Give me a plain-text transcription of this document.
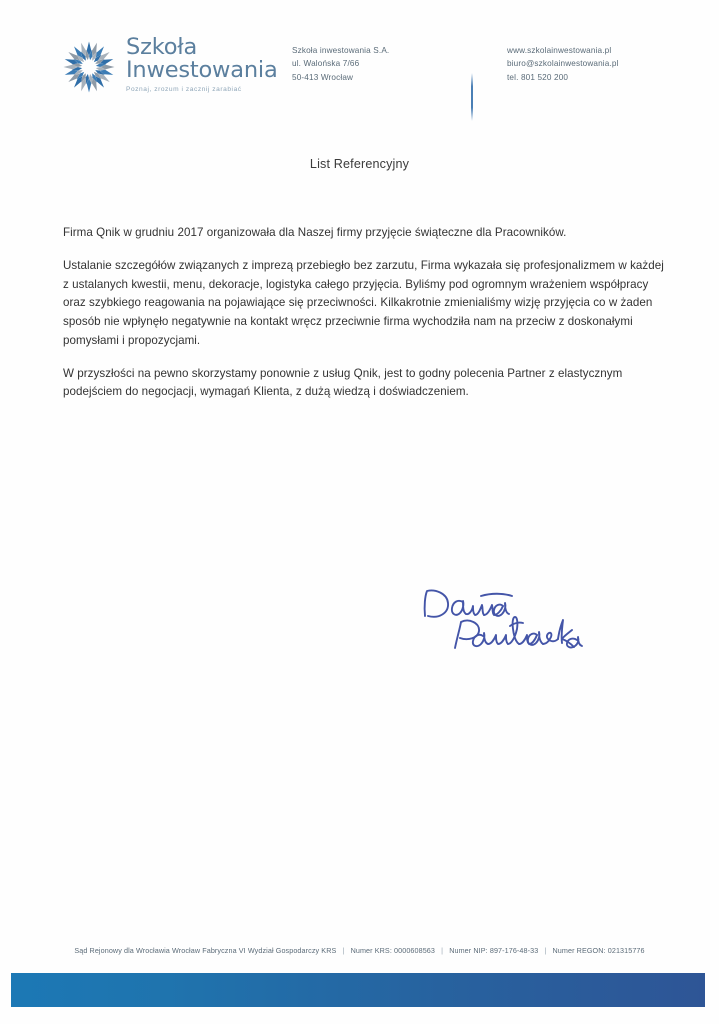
Szkoła
Inwestowania
Poznaj, zrozum i zacznij zarabiać
Szkoła inwestowania S.A.
ul. Walońska 7/66
50-413 Wrocław
www.szkolainwestowania.pl
biuro@szkolainwestowania.pl
tel. 801 520 200
List Referencyjny

Firma Qnik w grudniu 2017 organizowała dla Naszej firmy przyjęcie świąteczne dla Pracowników.

Ustalanie szczegółów związanych z imprezą przebiegło bez zarzutu, Firma wykazała się profesjonalizmem w każdej z ustalanych kwestii, menu, dekoracje, logistyka całego przyjęcia. Byliśmy pod ogromnym wrażeniem współpracy oraz szybkiego reagowania na pojawiające się przeciwności. Kilkakrotnie zmienialiśmy wizję przyjęcia co w żaden sposób nie wpłynęło negatywnie na kontakt wręcz przeciwnie firma wychodziła nam na przeciw z doskonałymi pomysłami i propozycjami.

W przyszłości na pewno skorzystamy ponownie z usług Qnik, jest to godny polecenia Partner z elastycznym podejściem do negocjacji, wymagań Klienta, z dużą wiedzą i doświadczeniem.

Sąd Rejonowy dla Wrocławia Wrocław Fabryczna VI Wydział Gospodarczy KRS | Numer KRS: 0000608563 | Numer NIP: 897-176-48-33 | Numer REGON: 021315776
